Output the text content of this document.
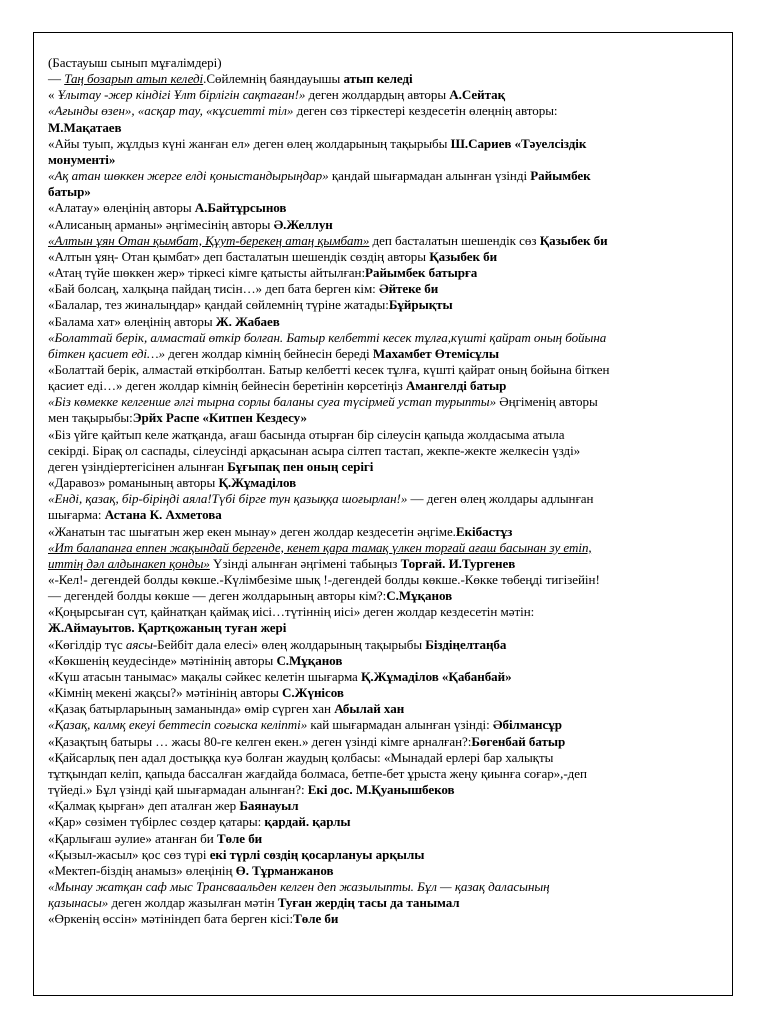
(Бастауыш сынып мұғалімдері)
— Таң бозарып атып келеді.Сөйлемнің баяндауышы атып келеді
« Ұлытау -жер кіндігі Ұлт бірлігін сақтаған!» деген жолдардың авторы А.Сейтақ
«Ағынды өзен», «асқар тау, «кұсиетті тіл» деген сөз тіркестері кездесетін өлеңнің авторы:
М.Мақатаев
«Айы туып, жұлдыз күні жанған ел» деген өлең жолдарының тақырыбы Ш.Сариев «Тәуелсіздік
монументі»
«Ақ атан шөккен жерге елді қоныстандырыңдар» қандай шығармадан алынған үзінді Райымбек
батыр»
«Алатау» өлеңінің авторы А.Байтұрсынов
«Алисаның арманы» әңгімесінің авторы Ә.Желлун
«Алтын ұян Отан қымбат, Құут-берекең атаң қымбат» деп басталатын шешендік сөз Қазыбек би
«Алтын ұяң- Отан қымбат» деп басталатын шешендік сөздің авторы Қазыбек би
«Атаң түйе шөккен жер» тіркесі кімге қатысты айтылған:Райымбек батырға
«Бай болсаң, халқыңа пайдаң тисін…» деп бата берген кім: Әйтеке би
«Балалар, тез жиналыңдар» қандай сөйлемнің түріне жатады:Бұйрықты
«Балама хат» өлеңінің авторы Ж. Жабаев
«Болаттай берік, алмастай өткір болған. Батыр келбетті кесек тұлға,күшті қайрат оның бойына
біткен қасиет еді…» деген жолдар кімнің бейнесін береді Махамбет Өтемісұлы
«Болаттай берік, алмастай өткірболтан. Батыр келбетті кесек тұлға, күшті қайрат оның бойына біткен
қасиет еді…» деген жолдар кімнің бейнесін беретінін көрсетіңіз Амангелді батыр
«Біз көмекке келгенше әлгі тырна сорлы баланы суға түсірмей устап турыпты» Әңгіменің авторы
мен тақырыбы:Эрйх Распе «Китпен Кездесу»
«Біз үйге қайтып келе жатқанда, ағаш басында отырған бір сілеусін қапыда жолдасыма атыла
секірді. Бірақ ол саспады, сілеусінді арқасынан асыра сілтеп тастап, жекпе-жекте желкесін үзді»
деген үзіндіертегісінен алынған Бұғыпақ пен оның серігі
«Даравоз» романының авторы Қ.Жұмаділов
«Енді, қазақ, бір-біріңді аяла!Түбі бірге тун қазыққа шоғырлан!» — деген өлең жолдары адлынған
шығарма: Астана К. Ахметова
«Жанатын тас шығатын жер екен мынау» деген жолдар кездесетін әңгіме.Екібастұз
«Ит балапанға еппен жақындай бергенде, кенет қара тамақ үлкен торғай ағаш басынан зу етіп,
иттің дәл алдынакеп қонды» Үзінді алынған әңгімені табыңыз Торғай. И.Тургенев
«-Кел!- дегендей болды көкше.-Күлімбезіме шық !-дегендей болды көкше.-Көкке төбеңді тигізейін!
— дегендей болды көкше — деген жолдарының авторы кім?:С.Мұқанов
«Қоңырсыған сүт, қайнатқан қаймақ иісі…түтіннің иісі» деген жолдар кездесетін мәтін:
Ж.Аймауытов. Қартқожаның туған жері
«Көгілдір түс аясы-Бейбіт дала елесі» өлең жолдарының тақырыбы Біздіңелтаңба
«Көкшенің кеудесінде» мәтінінің авторы С.Мұқанов
«Күш атасын танымас» мақалы сәйкес келетін шығарма Қ.Жұмаділов «Қабанбай»
«Кімнің мекені жақсы?» мәтінінің авторы С.Жүнісов
«Қазақ батырларының заманында» өмір сүрген хан Абылай хан
«Қазақ, калмқ екеуі беттесіп соғыска келіпті» кай шығармадан алынған үзінді: Әбілмансұр
«Қазақтың батыры … жасы 80-ге келген екен.» деген үзінді кімге арналған?:Бөгенбай батыр
«Қайсарлық пен адал достыққа куә болған жаудың қолбасы: «Мынадай ерлері бар халықты
тұтқындап келіп, қапыда бассалған жағдайда болмаса, бетпе-бет ұрыста жеңу қиынға соғар»,-деп
түйеді.» Бұл үзінді қай шығармадан алынған?: Екі дос. М.Қуанышбеков
«Қалмақ қырған» деп аталған жер Баянауыл
«Қар» сөзімен түбірлес сөздер қатары: қардай. қарлы
«Қарлығаш әулие» атанған би Төле би
«Қызыл-жасыл» қос сөз түрі екі түрлі сөздің қосарлануы арқылы
«Мектеп-біздің анамыз» өлеңінің Ө. Тұрманжанов
«Мынау жатқан саф мыс Трансваальден келген деп жазылыпты. Бұл — қазақ даласының
қазынасы» деген жолдар жазылған мәтін Туған жердің тасы да танымал
«Өркенің өссін» мәтініндеп бата берген кісі:Төле би
